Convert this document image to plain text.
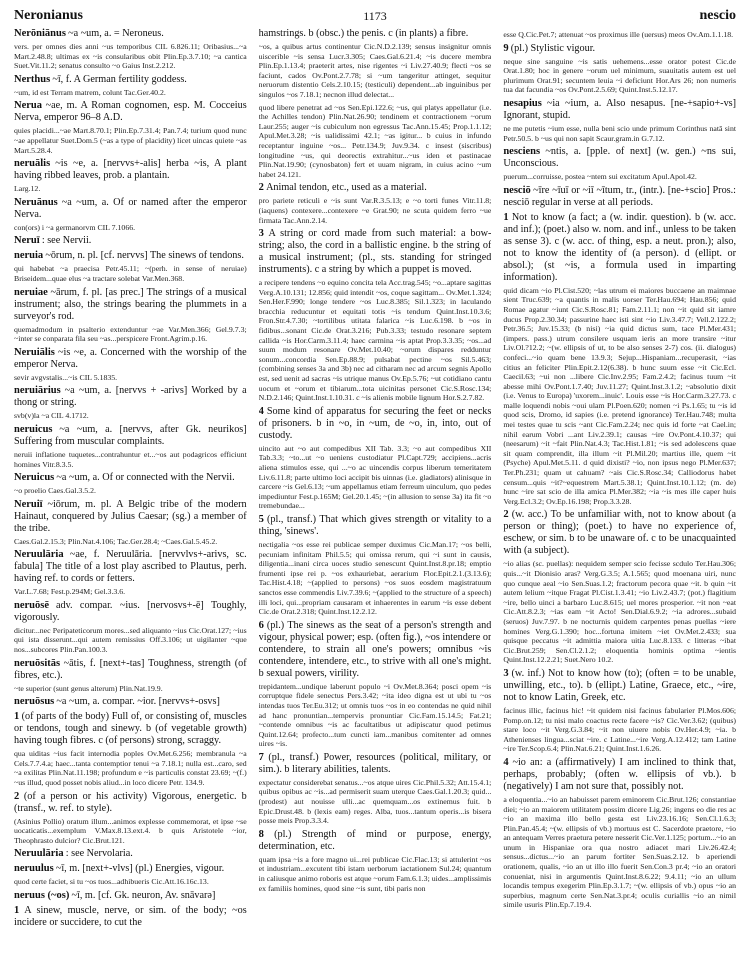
Neronianus	1173	nescio

Nerōniānus ~a ~um, a. = Neroneus.

vers. per omnes dies anni ~us temporibus CIL 6.826.11; Oribasius...~a Mart.2.48.8; ultimas ex ~is consularibus obit Plin.Ep.3.7.10; ~a cantica Suet.Vit.11.2; senatus consulto ~o Gaius Inst.2.212.

Nerthus ~ī, f. A German fertility goddess.

~um, id est Terram matrem, colunt Tac.Ger.40.2.

Nerua ~ae, m. A Roman cognomen, esp. M. Cocceius Nerva, emperor 96–8 A.D.

quies placidi...~ae Mart.8.70.1; Plin.Ep.7.31.4; Pan.7.4; turium quod nunc ~ae appellatur Suet.Dom.5 (~as a type of placidity) licet uincas quiete ~as Mart.5.28.4.

neruālis ~is ~e, a. [nervvs+-alis] herba ~is, A plant having ribbed leaves, prob. a plantain.

Larg.12.

Neruānus ~a ~um, a. Of or named after the emperor Nerva.

con(ors) i ~a germanorvm CIL 7.1066.

Neruī : see Nervii.

neruia ~ōrum, n. pl. [cf. nervvs] The sinews of tendons.

qui habebat ~a praecisa Petr.45.11; ~(perh. in sense of neruiae) Briseidem...quae elus ~a tractare solebat Var.Men.368.

neruiae ~ārum, f. pl. [as prec.] The strings of a musical instrument; also, the strings bearing the plummets in a surveyor's rod.

quemadmodum in psalterio extenduntur ~ae Var.Men.366; Gel.9.7.3; ~inter se conparata fila seu ~as...perspicere Front.Agrim.p.16.

Neruiālis ~is ~e, a. Concerned with the worship of the emperor Nerva.

sevir avgvstalis...~is CIL 5.1835.

neruiārius ~a ~um, a. [nervvs + -arivs] Worked by a thong or string.

svb(v)la ~a CIL 4.1712.

neruicus ~a ~um, a. [nervvs, after Gk. neurikos] Suffering from muscular complaints.

neruii inflatione tuquetes...contrahuntur et...~os aut podagricos efficiunt homines Vitr.8.3.5.

Neruicus ~a ~um, a. Of or connected with the Nervii.

~o proelio Caes.Gal.3.5.2.

Neruiī ~iōrum, m. pl. A Belgic tribe of the modern Hainaut, conquered by Julius Caesar; (sg.) a member of the tribe.

Caes.Gal.2.15.3; Plin.Nat.4.106; Tac.Ger.28.4; ~Caes.Gal.5.45.2.

Neruulāria ~ae, f. Neruulāria. [nervvlvs+-arivs, sc. fabula] The title of a lost play ascribed to Plautus, perh. having ref. to cords or fetters.

Var.L.7.68; Fest.p.294M; Gel.3.3.6.

neruōsē adv. compar. ~ius. [nervosvs+-ē] Toughly, vigorously.

dicitur...nec Peripateticorum mores...sed aliquanto ~ius Cic.Orat.127; ~ius qui ista disserunt...qui autem remissius Off.3.106; ut uigilanter ~que nos...subcores Plin.Pan.100.3.

neruōsitās ~ātis, f. [next+-tas] Toughness, strength (of fibres, etc.).

~te superior (sunt genus alterum) Plin.Nat.19.9.

neruōsus ~a ~um, a. compar. ~ior. [nervvs+-osvs]

1 (of parts of the body) Full of, or consisting of, muscles or tendons, tough and sinewy. b (of vegetable growth) having tough fibres. c (of persons) strong, scraggy.

qua uiditas ~ius facit internodia poples Ov.Met.6.256; membranula ~a Cels.7.7.4.a; haec...tanta contemptior tenui ~a 7.18.1; nulla est...caro, sed ~a exilitas Plin.Nat.11.198; profundum e ~is particulis constat 23.69; ~(f.) ~us illud, quod posset nobis aliud...in loco dicere Petr. 134.9.

2 (of a person or his activity) Vigorous, energetic. b (transf., w. ref. to style).

(Asinius Pollio) oratum illum...animos explesse commemorat, et ipse ~se uocaticatis...exemplum V.Max.8.13.ext.4. b quis Aristotele ~ior, Theophrasto dulcior? Cic.Brut.121.

Neruulāria : see Nervolaria.

neruulus ~ī, m. [next+-vlvs] (pl.) Energies, vigour.

quod certe faciet, si tu ~os tuos...adhibueris Cic.Att.16.16c.13.

neruus (~os) ~ī, m. [cf. Gk. neuron, Av. snāvarə]

1 A sinew, muscle, nerve, or sim. of the body; ~os incidere or succidere, to cut the

hamstrings. b (obsc.) the penis. c (in plants) a fibre.

~os, a quibus artus continentur Cic.N.D.2.139; sensus insignitur omnis uiscerible ~is sensa Lucr.3.305; Caes.Gal.6.21.4; ~is ducere membra Plin.Ep.1.13.4; praeterit artes, nise rigentes ~i Liv.27.40.9; flecti ~os se faciunt, cados Ov.Pont.2.7.78; si ~um tangeritur attinget, sequitur neruorum distentio Cels.2.10.15; (testiculi) dependent...ab inguinibus per singulos ~os 7.18.1; necnon illud delectat...

quod libere penetrat ad ~os Sen.Epi.122.6; ~us, qui platys appellatur (i.e. the Achilles tendon) Plin.Nat.26.90; tendinem et contractionem ~orum Laur.255; auger ~is cubiculum non egressus Tac.Ann.15.45; Prop.1.1.12; Apul.Met.3.28; ~is ualidissimi 42.1; ~as igitur... b cuius in infundo receptantur inguine ~os... Petr.134.9; Juv.9.34. c insest (siscribus) longitudine ~us, qui deorectis extrahitur...~us iden et pastinacae Plin.Nat.19.90; (cynosbaton) fert et uuam nigram, in cuius acino ~um habet 24.121.

2 Animal tendon, etc., used as a material.

pro pariete reticuli e ~is sunt Var.R.3.5.13; e ~o torti funes Vitr.11.8; (iaquens) contexere...contexere ~e Grat.90; ne scuta quidem ferro ~ue firmata Tac.Ann.2.14.

3 A string or cord made from such material: a bow-string; also, the cord in a ballistic engine. b the string of a musical instrument; (pl., sts. standing for stringed instruments). c a string by which a puppet is moved.

a recipere tendens ~o equino concita tela Acc.trag.545; ~o...aptare sagittas Verg.A.10.131; 12.856; quid intendit ~os, coque sagittam... Ov.Met.1.324; Sen.Her.F.990; longe tendere ~os Luc.8.385; Sil.1.323; in laculando bracchia reducuntur et equitati totis ~is tendum Quint.Inst.10.3.6; Fron.Str.4.7.30; ~tortilibus utitata falarica ~is Luc.6.198. b ~os in fidibus...sonant Cic.de Orat.3.216; Pub.3.33; testudo resonare septem callida ~is Hor.Carm.3.11.4; haec carmina ~is aptat Prop.3.3.35; ~os...ad suum modum resonare Ov.Met.10.40; ~orum dispares redduntur sonum...concordia Sen.Ep.88.9; pulsabat pectine ~os Sil.5.463; (combining senses 3a and 3b) nec ad citharam nec ad arcum segnis Apollo est, sed uenit ad sacras ~is utrique manus Ov.Ep.5.76; ~ut cotidiano cantu uocum et ~orum et tibiarum...tota uicinitas personet Cic.S.Rosc.134; N.D.2.146; Quint.Inst.1.10.31. c ~is alienis mobile lignum Hor.S.2.7.82.

4 Some kind of apparatus for securing the feet or necks of prisoners. b in ~o, in ~um, de ~o, in, into, out of custody.

uincito aut ~o aut compedibus XII Tab. 3.3; ~o aut compedibus XII Tab.3.3; ~to...ut ~o ueniens custodiatur Pl.Capt.729; accipiens...acris aliena stimulos esse, qui ...~o ac uincendis corpus liberum temeritatem Liv.6.11.8; parte ultimo loci accipit bis uinnas (i.e. gladiators) alinisque in carcere ~is Gel.6.13; ~um appellamus etiam ferreum uinculum, quo pedes impediuntur Fest.p.165M; Gel.20.1.45; ~(in allusion to sense 3a) ita fit ~o tremebundae...

5 (pl., transf.) That which gives strength or vitality to a thing, 'sinews'.

nectigalia ~os esse rei publicae semper duximus Cic.Man.17; ~os belli, pecuniam infinitam Phil.5.5; qui omissa rerum, qui ~i sunt in causis, diligentia...inani circa uoces studio senescunt Quint.Inst.8.pr.18; emptio frumenti ipse rei p. ~os exhauriebat, aerarium Flor.Epit.2.1.(3.13.6); Tac.Hist.4.18; ~(applied to persons) ~os suos eosdem magistratuum sanctos esse commendis Liv.7.39.6; ~(applied to the structure of a speech) illi loci, qui...propriam causaram et inhaerentes in earum ~is esse debent Cic.de Orat.2.318; Quint.Inst.12.2.12.

6 (pl.) The sinews as the seat of a person's strength and vigour, physical power; esp. (often fig.), ~os intendere or contendere, to strain all one's powers; omnibus ~is contendere, intendere, etc., to strive with all one's might. b sexual powers, virility.

trepidantem...undique laberunt populo ~i Ov.Met.8.364; posci opem ~is corruptque fidele senectus Pers.3.42; ~ita ideo digna est ut ubi tu ~os intendas tuos Ter.Eu.312; ut omnis tuos ~os in eo contendas ne quid nihil ad hanc pronuntian...tempervis pronuntiar Cic.Fam.15.14.5; Fat.21; ~contende omnibus ~is ac facultatibus ut adipiscatur quod petimus Quint.12.64; profecto...tum cuncti iam...manibus comitenter ad omnes uires ~is.

7 (pl., transf.) Power, resources (political, military, or sim.). b literary abilities, talents.

expectatur considerebat senatus...~os atque uires Cic.Phil.5.32; Att.15.4.1; quibus opibus ac ~is...ad permiserit suam uterque Caes.Gal.1.20.3; quid...(prodest) aut nouisse ulli...ac quemquam...os extinemus fuit. b Epic.Drust.48. b (lexis eam) reges. Alba, tuos...tantum operis...is bisera posse meis Prop.3.3.4.

8 (pl.) Strength of mind or purpose, energy, determination, etc.

quam ipsa ~is a fore magno ui...rei publicae Cic.Flac.13; si attulerint ~os et industriam...excutent tibi istam uerborum iactationem Sul.24; quantum in caliusque animo roboris est atque ~orum Fam.6.1.3; uides...amplissimis ex familiis homines, quod sine ~is sunt, tibi paris non

esse Q.Cic.Pet.7; attenuat ~os proximus ille (uersus) meos Ov.Am.1.1.18.

9 (pl.) Stylistic vigour.

neque sine sanguine ~is satis uehemens...esse orator potest Cic.de Orat.1.80; hoc in genere ~orum uel minimum, suauitatis autem est uel plurimum Orat.91; secuntem leuia ~i deficiunt Hor.Ars 26; non numeris tua dat facundia ~os Ov.Pont.2.5.69; Quint.Inst.5.12.17.

nesapius ~ia ~ium, a. Also nesapus. [ne-+sapio+-vs] Ignorant, stupid.

ne me putetis ~ium esse, nulla beni scio unde primum Corinthus natā sint Petr.50.5. b ~us qui non sapit Scaur.gram.in G.7.12.

nesciens ~ntis, a. [pple. of next] (w. gen.) ~ns sui, Unconscious.

puerum...corruisse, postea ~ntem sui excitatum Apul.Apol.42.

nesciō ~īre ~īuī or ~iī ~ītum, tr., (intr.). [ne-+scio] Pros.: nesciō regular in verse at all periods.

1 Not to know (a fact; a (w. indir. question). b (w. acc. and inf.); (poet.) also w. nom. and inf., unless to be taken as sense 3). c (w. acc. of thing, esp. a neut. pron.); also, not to know the identity of (a person). d (ellipt. or absol.); (st ~is, a formula used in imparting information).

quid dicam ~io Pl.Cist.520; ~las utrum ei maiores buccaene an maimnae sient Truc.639; ~a quantis in malis uorser Ter.Hau.694; Hau.856; quid Romae agatur ~iunt Cic.S.Rosc.81; Fam.2.11.1; non ~it quid sit iamre ducus Prop.2.30.34; passurine haec isti sint ~io Liv.3.47.7; Vell.2.122.2; Petr.36.5; Juv.15.33; (b nisi) ~ia quid dictus sum, tace Pl.Mer.431; (impers. pass.) utrum consilere usquam ieris an more transire ~itur Liv.Ol.?12.2; ~(w. ellipsis of ut, to be also senses 2-7) cos. (ii. dialogus) confeci...~io quam bene 13.9.3; Sejup...Hispaniam...recuperasit, ~ias citius an feliciter Plin.Epit.2.12(6.38). b hunc suum esse ~it Cic.Ecl. Caecil.63; ~ui non ...libere Cic.Inv.2.95; Fam.2.4.2; facinus tuum ~it abesse mihi Ov.Pont.1.7.40; Juv.11.27; Quint.Inst.3.1.2; ~absolutio dixit (i.e. Venus to Europa) 'uxorem...inuic'. Louis esse ~is Hor.Carm.3.27.73. c malle loquendi nobis ~oui ulam Pl.Poen.620; nomen ~i Ps.1.65; tu ~is id quod scis, Dromo, id sapies (i.e. pretend ignorance) Ter.Hau.748; multa mei testes quae tu scis ~ant Cic.Fam.2.24; nec quis id forte ~at Cael.in; nihil earum Vobri ...ant Liv.2.39.1; causas ~ire Ov.Pont.4.10.37; qui (neesarum) ~it ~fait Plin.Nat.4.3; Tac.Hist.1.81; ~is sed adolescens quae sit quam comprendit, illa illum ~it Pl.Mil.20; martius ille, quem ~it (Psyche) Apul.Met.5.11. d quid dixisti? ~io, non ipsus nego Pl.Mer.637; Ter.Ph.231; quam ut cahuam? ~ais Cic.S.Rosc.34; Calliodorus habet censum...quis ~it?~equestrem Mart.5.38.1; Quint.Inst.10.1.12; (m. de) hunc ~ire sat scio de illa amica Pl.Mer.382; ~ia ~is mes ille caper huis Verg.Ecl.3.2; Ov.Ep.16.198; Prop.3.3.28.

2 (w. acc.) To be unfamiliar with, not to know about (a person or thing); (poet.) to have no experience of, eschew, or sim. b to be unaware of. c to be unacquainted with (a subject).

~io alias (sc. puellas): nequidem semper scio fecisse scdulo Ter.Hau.306; quis...~it Dionisio aras? Verg.G.3.5; A.1.565; quod moenana uiri, nunc quo cunque aeal ~io Sen.Suas.1.2; fractorum pecora quae ~it. b quin ~it autem lelium ~itque Fragat Pl.Cist.1.3.41; ~io Liv.2.43.7; (pot.) flagitium ~ire, bello uinci a barbaro Luc.8.615; uel mores prosperior. ~it non ~eat Cic.Att.8.2.3; ~ias eam ~it Acto! Sen.Dial.6.9.2; ~ia adrores...subaid (seruos) Juv.7.97. b ne nocturnis quidem carpentes penas puellas ~iere homines Verg.G.1.390; hoc...fortuna imitem ~iet Ov.Met.2.433; sua quisque peccatus ~it admittia maiora uitia Luc.8.133. c litteras ~ibat Cic.Brut.259; Sen.Cl.2.1.2; eloquentia hominis optima ~ientis Quint.Inst.12.2.21; Suet.Nero 10.2.

3 (w. inf.) Not to know how (to); (often = to be unable, unwilling, etc., to). b (ellipt.) Latine, Graece, etc., ~ire, not to know Latin, Greek, etc.

facinus illic, facinus hic! ~it quidem nisi facinus fabularier Pl.Mos.606; Pomp.on.12; tu nisi malo coactus recte facere ~is? Cic.Ver.3.62; (quibus) stare loco ~it Verg.G.3.84; ~it non uiuere nobis Ov.Her.4.9; ~ia. b Athenienses lingua...sciat ~ire. c Latine...~ire Verg.A.12.412; tam Latine ~ire Ter.Scop.6.4; Plin.Nat.6.21; Quint.Inst.1.6.26.

4 ~io an: a (affirmatively) I am inclined to think that, perhaps, probably; (often w. ellipsis of vb.). b (negatively) I am not sure that, possibly not.

a eloquentia...~io an habuisset parem eminorem Cic.Brut.126; constantiae diei; ~io an maiorem utilitatem possim dicere Lig.26; ingens eo die res ac ~io an maxima illo bello gesta est Liv.23.16.16; Sen.Cl.1.6.3; Plin.Pan.45.4; ~(w. ellipsis of vb.) mortuus est C. Sacerdote praetore, ~io an antequam Verres praetura petere nesserit Cic.Ver.1.125; portum...~io an unum in Hispaniae ora qua nostro adiacet mari Liv.26.42.4; sensus...dictus...~io an parum fortiter Sen.Suas.2.12. b aperiendi orationem, qualis, ~io an ut illo illo fuerit Sen.Con.3 pr.4; ~io an oratori conueniat, nisi in argumentis Quint.Inst.8.6.22; 9.4.11; ~io an ullum locandis tempus exegerim Plin.Ep.3.1.7; ~(w. ellipsis of vb.) opus ~io an superbius, magnum certe Sen.Nat.3.pr.4; oculis curiallis ~io an nimil simile usuris Plin.Ep.7.19.4.
